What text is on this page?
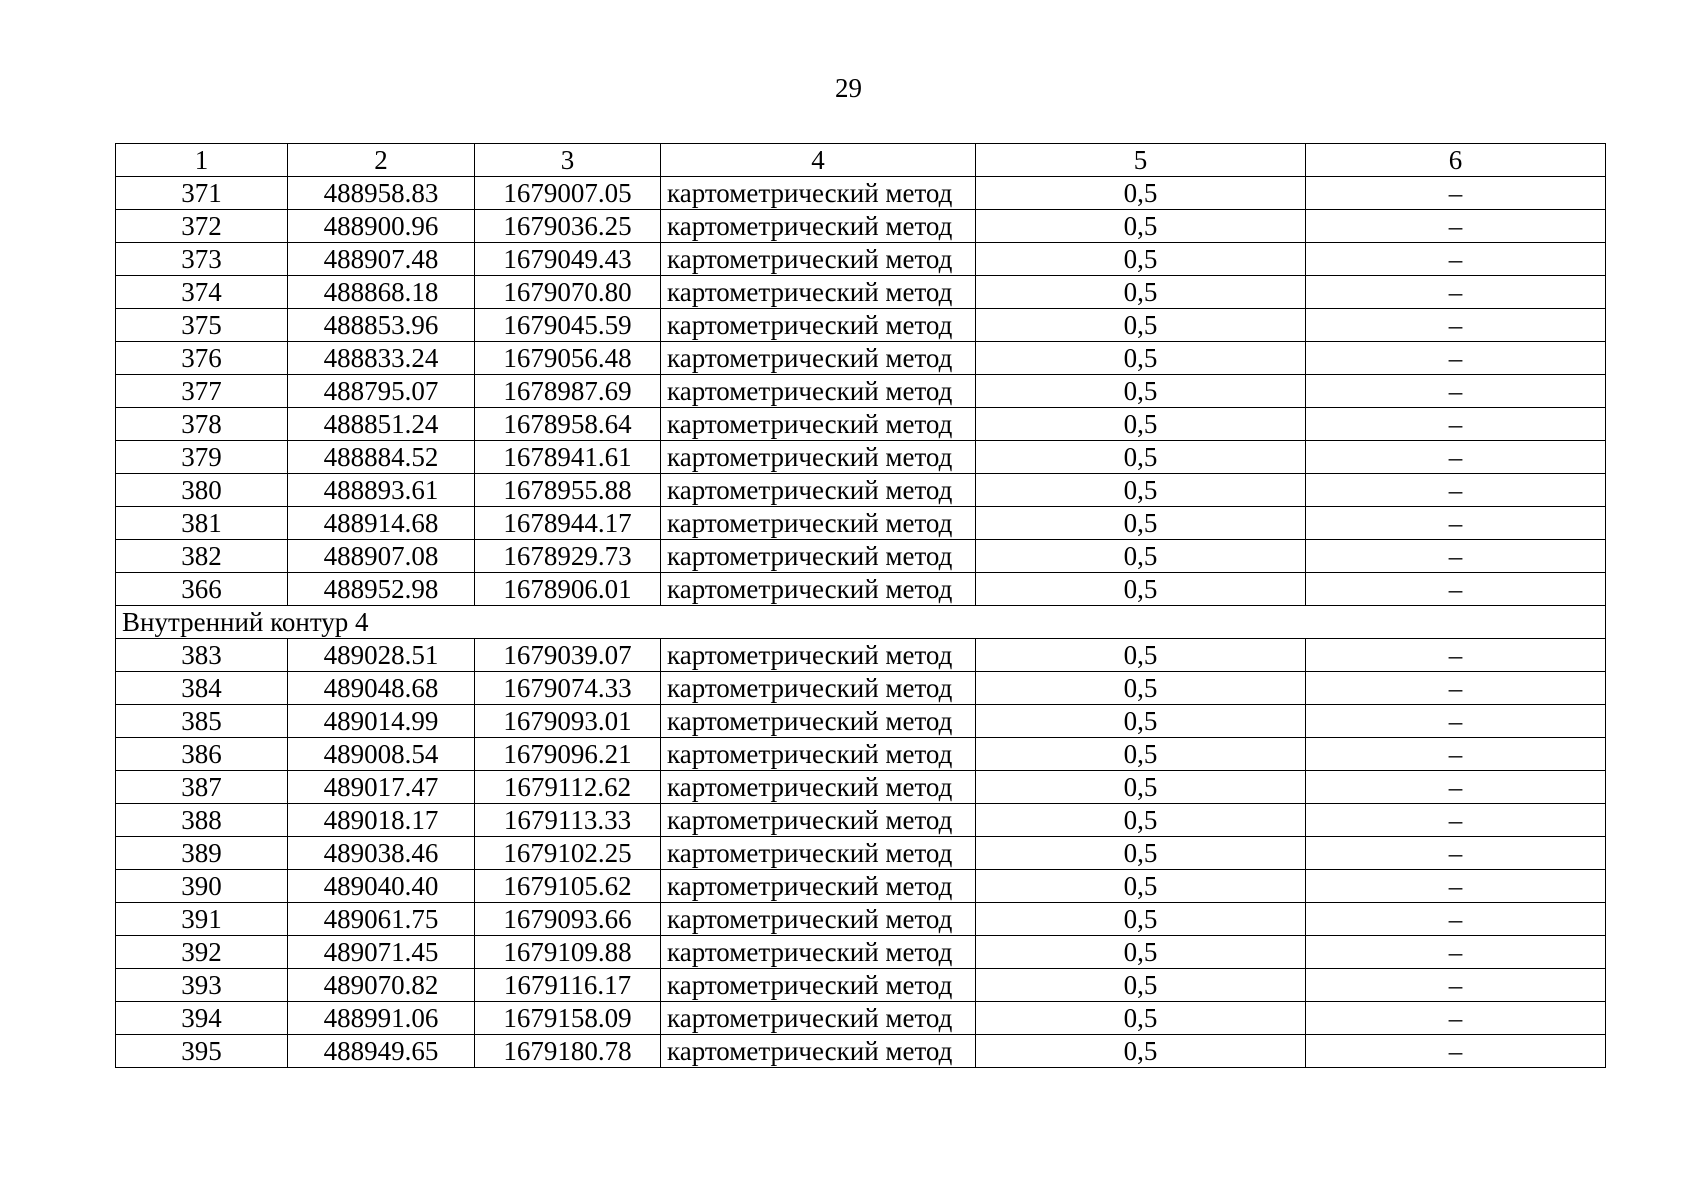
29
1	2	3	4	5	6
371	488958.83	1679007.05	картометрический метод	0,5	–
372	488900.96	1679036.25	картометрический метод	0,5	–
373	488907.48	1679049.43	картометрический метод	0,5	–
374	488868.18	1679070.80	картометрический метод	0,5	–
375	488853.96	1679045.59	картометрический метод	0,5	–
376	488833.24	1679056.48	картометрический метод	0,5	–
377	488795.07	1678987.69	картометрический метод	0,5	–
378	488851.24	1678958.64	картометрический метод	0,5	–
379	488884.52	1678941.61	картометрический метод	0,5	–
380	488893.61	1678955.88	картометрический метод	0,5	–
381	488914.68	1678944.17	картометрический метод	0,5	–
382	488907.08	1678929.73	картометрический метод	0,5	–
366	488952.98	1678906.01	картометрический метод	0,5	–
Внутренний контур 4					
383	489028.51	1679039.07	картометрический метод	0,5	–
384	489048.68	1679074.33	картометрический метод	0,5	–
385	489014.99	1679093.01	картометрический метод	0,5	–
386	489008.54	1679096.21	картометрический метод	0,5	–
387	489017.47	1679112.62	картометрический метод	0,5	–
388	489018.17	1679113.33	картометрический метод	0,5	–
389	489038.46	1679102.25	картометрический метод	0,5	–
390	489040.40	1679105.62	картометрический метод	0,5	–
391	489061.75	1679093.66	картометрический метод	0,5	–
392	489071.45	1679109.88	картометрический метод	0,5	–
393	489070.82	1679116.17	картометрический метод	0,5	–
394	488991.06	1679158.09	картометрический метод	0,5	–
395	488949.65	1679180.78	картометрический метод	0,5	–
